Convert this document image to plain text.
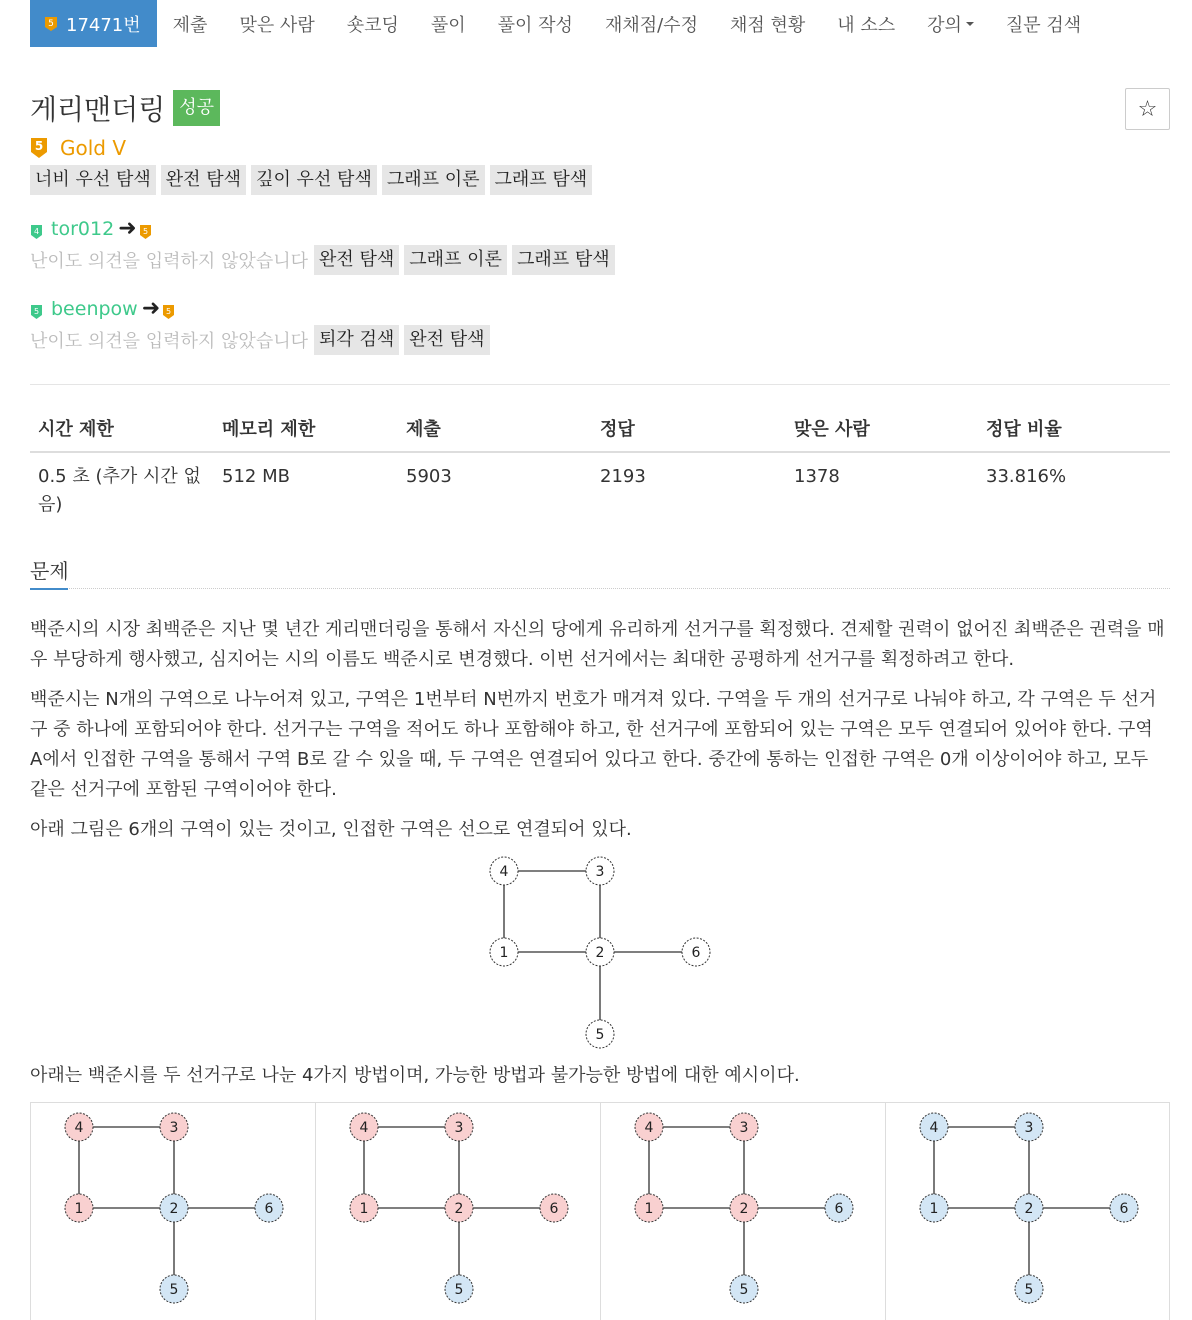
5 17471번 제출 맞은 사람 숏코딩 풀이 풀이 작성 재채점/수정 채점 현황 내 소스 강의 질문 검색
게리맨더링 성공	☆
5 Gold V
너비 우선 탐색 완전 탐색 깊이 우선 탐색 그래프 이론 그래프 탐색
4 tor012 ➜ 5
난이도 의견을 입력하지 않았습니다 완전 탐색 그래프 이론 그래프 탐색
5 beenpow ➜ 5
난이도 의견을 입력하지 않았습니다 퇴각 검색 완전 탐색
시간 제한	메모리 제한	제출	정답	맞은 사람	정답 비율
0.5 초 (추가 시간 없음)	512 MB	5903	2193	1378	33.816%
문제
백준시의 시장 최백준은 지난 몇 년간 게리맨더링을 통해서 자신의 당에게 유리하게 선거구를 획정했다. 견제할 권력이 없어진 최백준은 권력을 매우 부당하게 행사했고, 심지어는 시의 이름도 백준시로 변경했다. 이번 선거에서는 최대한 공평하게 선거구를 획정하려고 한다.
백준시는 N개의 구역으로 나누어져 있고, 구역은 1번부터 N번까지 번호가 매겨져 있다. 구역을 두 개의 선거구로 나눠야 하고, 각 구역은 두 선거구 중 하나에 포함되어야 한다. 선거구는 구역을 적어도 하나 포함해야 하고, 한 선거구에 포함되어 있는 구역은 모두 연결되어 있어야 한다. 구역 A에서 인접한 구역을 통해서 구역 B로 갈 수 있을 때, 두 구역은 연결되어 있다고 한다. 중간에 통하는 인접한 구역은 0개 이상이어야 하고, 모두 같은 선거구에 포함된 구역이어야 한다.
아래 그림은 6개의 구역이 있는 것이고, 인접한 구역은 선으로 연결되어 있다.
1	2
3
4
5
6
아래는 백준시를 두 선거구로 나눈 4가지 방법이며, 가능한 방법과 불가능한 방법에 대한 예시이다.
1	2
3
4
5
6	1	2
3
4
5
6	1	2
3
4
5
6	1	2
3
4
5
6
